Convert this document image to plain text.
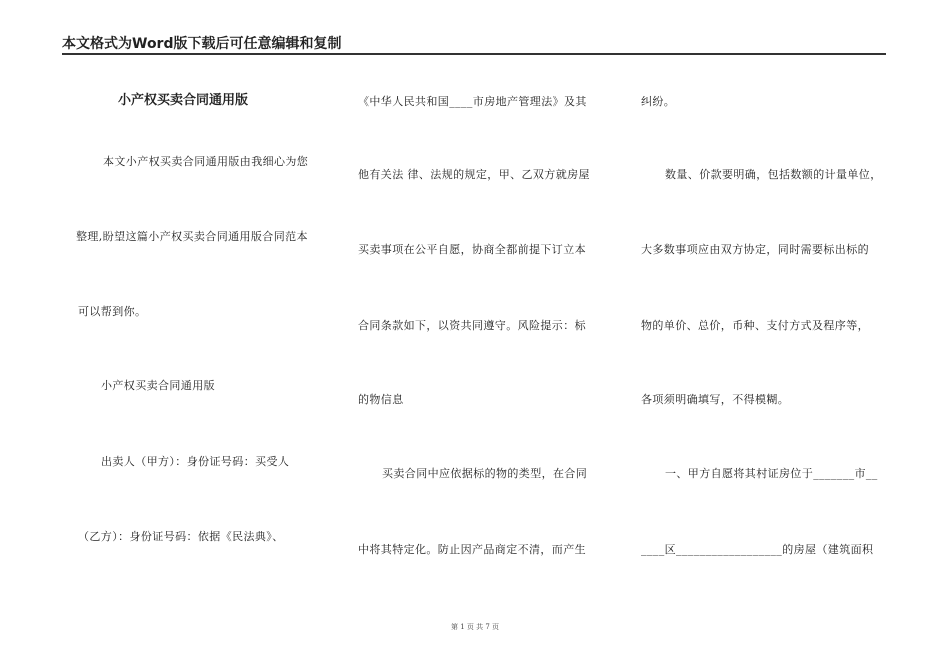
本文格式为Word版下载后可任意编辑和复制
小产权买卖合同通用版
本文小产权买卖合同通用版由我细心为您
整理,盼望这篇小产权买卖合同通用版合同范本
可以帮到你。
小产权买卖合同通用版
出卖人（甲方）：身份证号码：买受人
（乙方）：身份证号码：依据《民法典》、
《中华人民共和国____市房地产管理法》及其
他有关法 律、法规的规定，甲、乙双方就房屋
买卖事项在公平自愿，协商全都前提下订立本
合同条款如下，以资共同遵守。风险提示：标
的物信息
买卖合同中应依据标的物的类型，在合同
中将其特定化。防止因产品商定不清，而产生
纠纷。
数量、价款要明确，包括数额的计量单位，
大多数事项应由双方协定，同时需要标出标的
物的单价、总价，币种、支付方式及程序等，
各项须明确填写，不得模糊。
一、甲方自愿将其村证房位于_______市__
____区__________________的房屋（建筑面积
第 1 页 共 7 页
